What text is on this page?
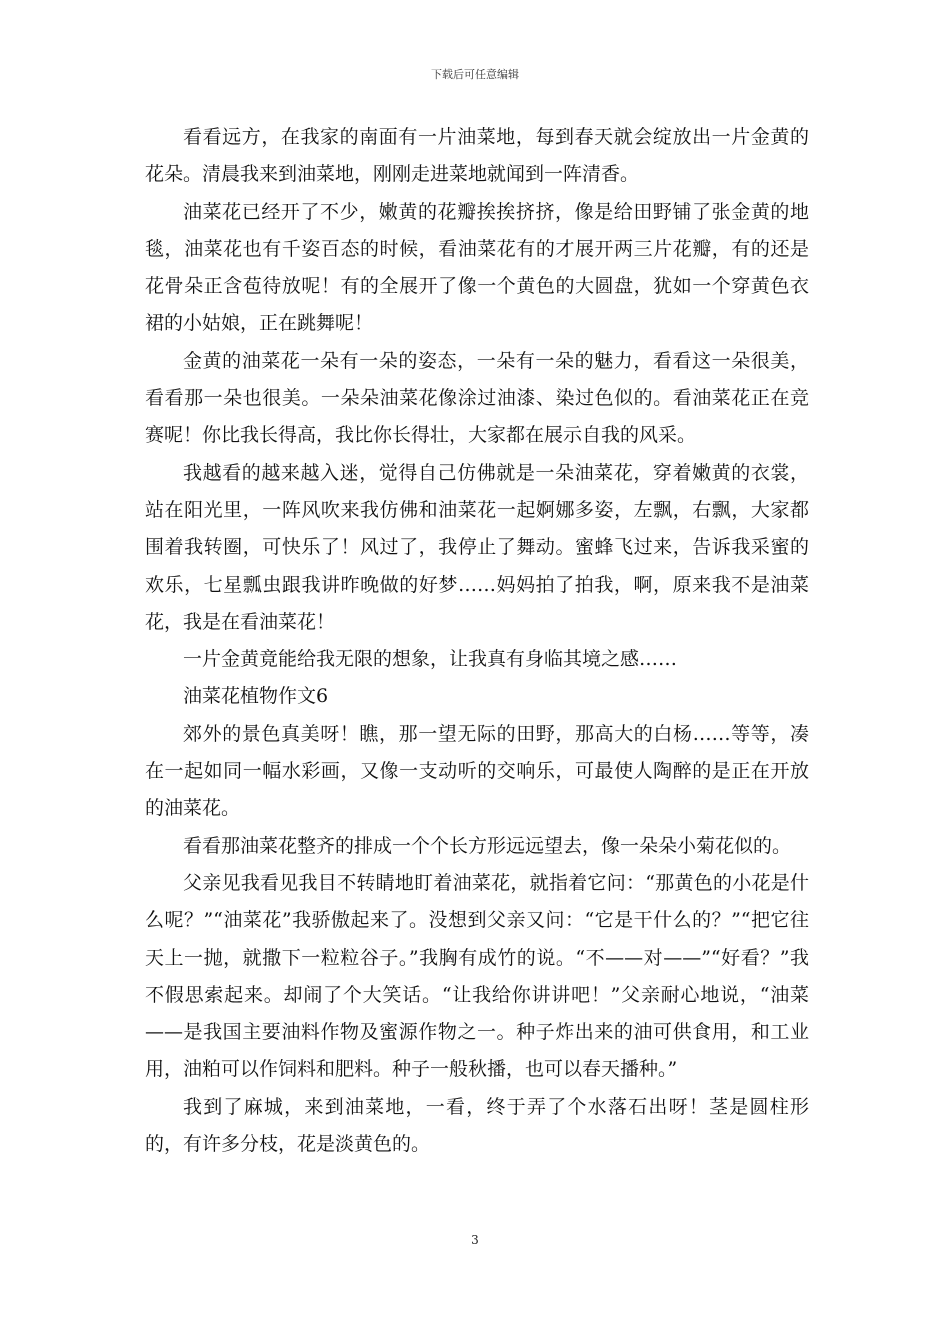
下载后可任意编辑

看看远方，在我家的南面有一片油菜地，每到春天就会绽放出一片金黄的花朵。清晨我来到油菜地，刚刚走进菜地就闻到一阵清香。

油菜花已经开了不少，嫩黄的花瓣挨挨挤挤，像是给田野铺了张金黄的地毯，油菜花也有千姿百态的时候，看油菜花有的才展开两三片花瓣，有的还是花骨朵正含苞待放呢！有的全展开了像一个黄色的大圆盘，犹如一个穿黄色衣裙的小姑娘，正在跳舞呢！

金黄的油菜花一朵有一朵的姿态，一朵有一朵的魅力，看看这一朵很美，看看那一朵也很美。一朵朵油菜花像涂过油漆、染过色似的。看油菜花正在竞赛呢！你比我长得高，我比你长得壮，大家都在展示自我的风采。

我越看的越来越入迷，觉得自己仿佛就是一朵油菜花，穿着嫩黄的衣裳，站在阳光里，一阵风吹来我仿佛和油菜花一起婀娜多姿，左飘，右飘，大家都围着我转圈，可快乐了！风过了，我停止了舞动。蜜蜂飞过来，告诉我采蜜的欢乐，七星瓢虫跟我讲昨晚做的好梦……妈妈拍了拍我，啊，原来我不是油菜花，我是在看油菜花！

一片金黄竟能给我无限的想象，让我真有身临其境之感……

油菜花植物作文6

郊外的景色真美呀！瞧，那一望无际的田野，那高大的白杨……等等，凑在一起如同一幅水彩画，又像一支动听的交响乐，可最使人陶醉的是正在开放的油菜花。

看看那油菜花整齐的排成一个个长方形远远望去，像一朵朵小菊花似的。

父亲见我看见我目不转睛地盯着油菜花，就指着它问：“那黄色的小花是什么呢？”“油菜花”我骄傲起来了。没想到父亲又问：“它是干什么的？”“把它往天上一抛，就撒下一粒粒谷子。”我胸有成竹的说。“不——对——”“好看？”我不假思索起来。却闹了个大笑话。“让我给你讲讲吧！”父亲耐心地说，“油菜——是我国主要油料作物及蜜源作物之一。种子炸出来的油可供食用，和工业用，油粕可以作饲料和肥料。种子一般秋播，也可以春天播种。”

我到了麻城，来到油菜地，一看，终于弄了个水落石出呀！茎是圆柱形的，有许多分枝，花是淡黄色的。

3
